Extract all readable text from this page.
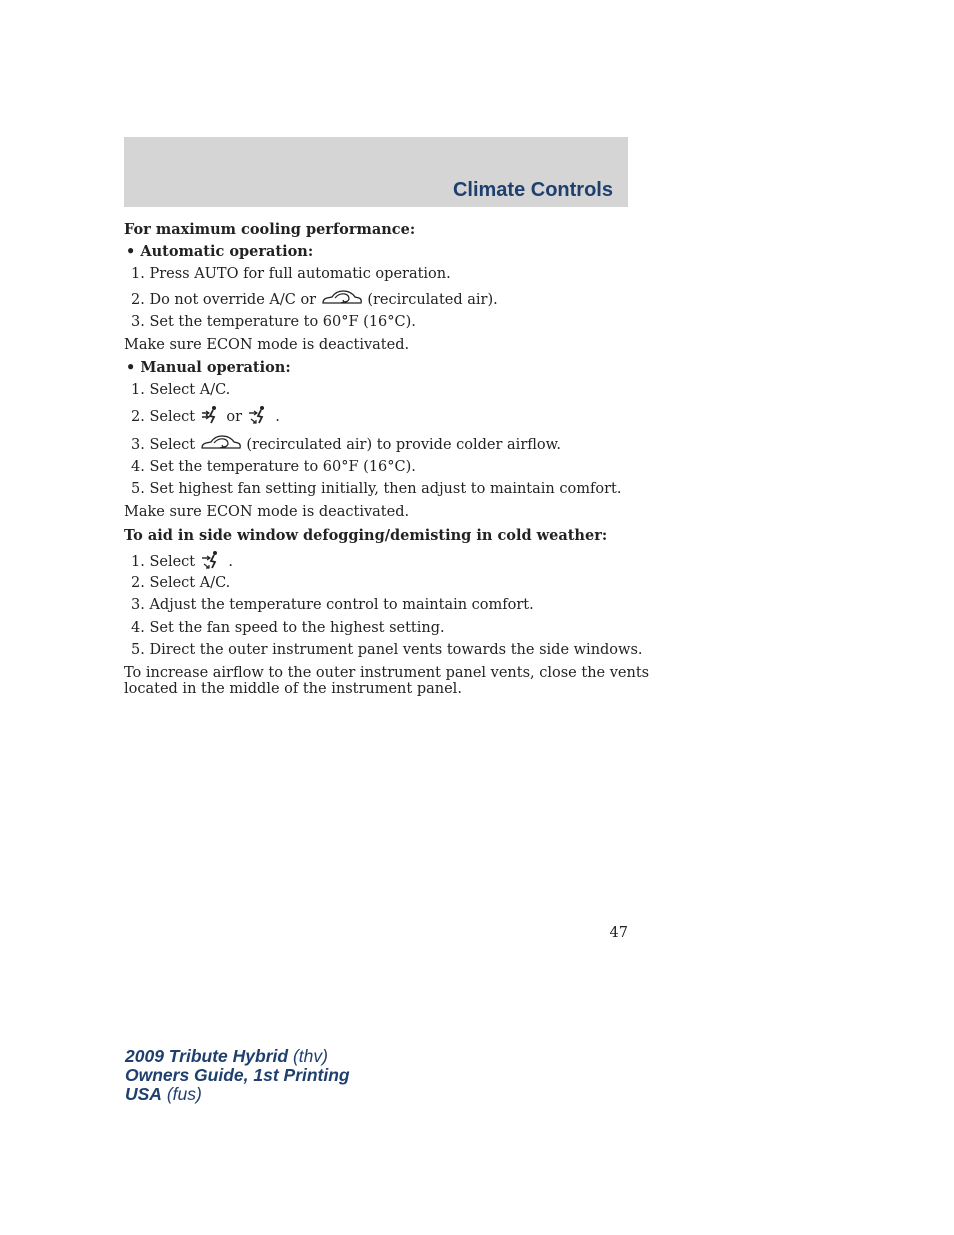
Climate Controls
For maximum cooling performance:
• Automatic operation:
1. Press AUTO for full automatic operation.
2. Do not override A/C or	(recirculated air).
3. Set the temperature to 60°F (16°C).
Make sure ECON mode is deactivated.
• Manual operation:
1. Select A/C.
2. Select or .
3. Select	(recirculated air) to provide colder airflow.
4. Set the temperature to 60°F (16°C).
5. Set highest fan setting initially, then adjust to maintain comfort.
Make sure ECON mode is deactivated.
To aid in side window defogging/demisting in cold weather:
1. Select .
2. Select A/C.
3. Adjust the temperature control to maintain comfort.
4. Set the fan speed to the highest setting.
5. Direct the outer instrument panel vents towards the side windows.
To increase airflow to the outer instrument panel vents, close the vents
located in the middle of the instrument panel.
47
2009 Tribute Hybrid (thv)
Owners Guide, 1st Printing
USA (fus)
